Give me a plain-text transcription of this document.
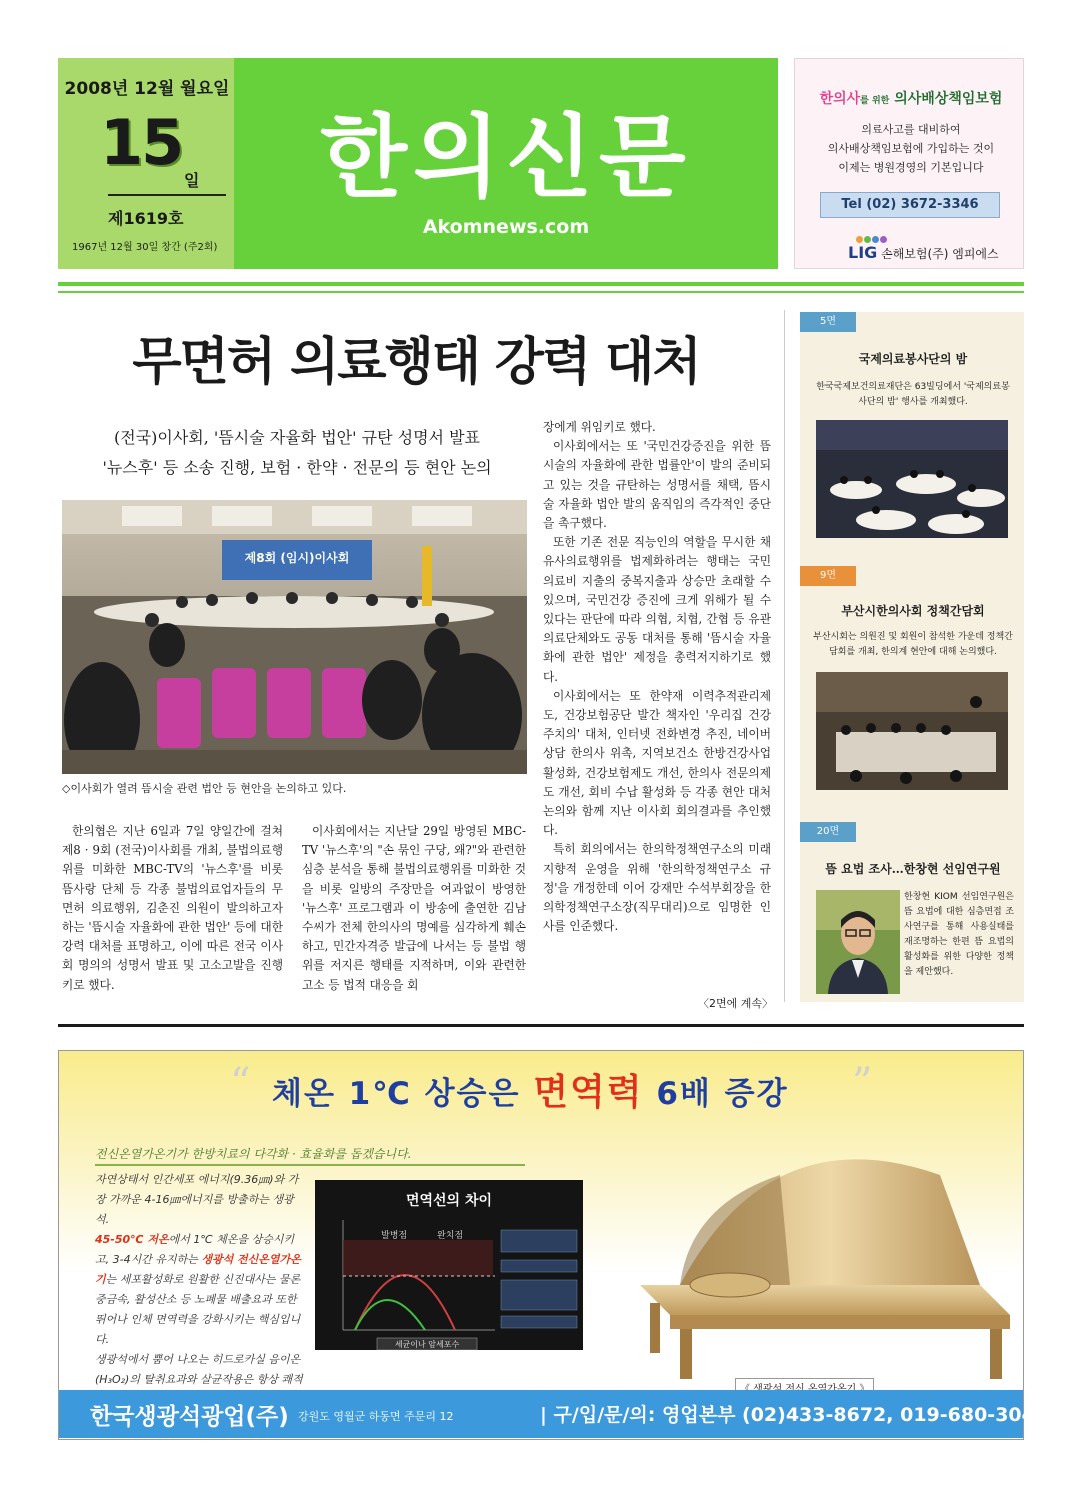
2008년 12월 월요일
15
일
제1619호
1967년 12월 30일 창간 (주2회)
한의신문
Akomnews.com
한의사를 위한 의사배상책임보험
의료사고를 대비하여
의사배상책임보험에 가입하는 것이
이제는 병원경영의 기본입니다
Tel (02) 3672-3346
LIG 손해보험(주) 엠피에스
무면허 의료행태 강력 대처
(전국)이사회, '뜸시술 자율화 법안' 규탄 성명서 발표
'뉴스후' 등 소송 진행, 보험 · 한약 · 전문의 등 현안 논의
제8회 (임시)이사회
◇이사회가 열려 뜸시술 관련 법안 등 현안을 논의하고 있다.
한의협은 지난 6일과 7일 양일간에 걸쳐 제8 · 9회 (전국)이사회를 개최, 불법의료행위를 미화한 MBC-TV의 '뉴스후'를 비롯 뜸사랑 단체 등 각종 불법의료업자들의 무면허 의료행위, 김춘진 의원이 발의하고자 하는 '뜸시술 자율화에 관한 법안' 등에 대한 강력 대처를 표명하고, 이에 따른 전국 이사회 명의의 성명서 발표 및 고소고발을 진행키로 했다.
이사회에서는 지난달 29일 방영된 MBC-TV '뉴스후'의 "손 묶인 구당, 왜?"와 관련한 심층 분석을 통해 불법의료행위를 미화한 것을 비롯 일방의 주장만을 여과없이 방영한 '뉴스후' 프로그램과 이 방송에 출연한 김남수씨가 전체 한의사의 명예를 심각하게 훼손하고, 민간자격증 발급에 나서는 등 불법 행위를 저지른 행태를 지적하며, 이와 관련한 고소 등 법적 대응을 회
장에게 위임키로 했다.
이사회에서는 또 '국민건강증진을 위한 뜸시술의 자율화에 관한 법률안'이 발의 준비되고 있는 것을 규탄하는 성명서를 채택, 뜸시술 자율화 법안 발의 움직임의 즉각적인 중단을 촉구했다.
또한 기존 전문 직능인의 역할을 무시한 채 유사의료행위를 법제화하려는 행태는 국민 의료비 지출의 중복지출과 상승만 초래할 수 있으며, 국민건강 증진에 크게 위해가 될 수 있다는 판단에 따라 의협, 치협, 간협 등 유관 의료단체와도 공동 대처를 통해 '뜸시술 자율화에 관한 법안' 제정을 총력저지하기로 했다.
이사회에서는 또 한약재 이력추적관리제도, 건강보험공단 발간 책자인 '우리집 건강주치의' 대처, 인터넷 전화변경 추진, 네이버 상담 한의사 위촉, 지역보건소 한방건강사업 활성화, 건강보험제도 개선, 한의사 전문의제도 개선, 회비 수납 활성화 등 각종 현안 대처 논의와 함께 지난 이사회 회의결과를 추인했다.
특히 회의에서는 한의학정책연구소의 미래 지향적 운영을 위해 '한의학정책연구소 규정'을 개정한데 이어 강재만 수석부회장을 한의학정책연구소장(직무대리)으로 임명한 인사를 인준했다.
〈2면에 계속〉
5면
국제의료봉사단의 밤
한국국제보건의료재단은 63빌딩에서 '국제의료봉사단의 밤' 행사를 개최했다.
9면
부산시한의사회 정책간담회
부산시회는 의원진 및 회원이 참석한 가운데 정책간담회를 개최, 한의계 현안에 대해 논의했다.
20면
뜸 요법 조사…한창현 선임연구원
한창현 KIOM 선임연구원은 뜸 요법에 대한 심층면접 조사연구를 통해 사용실태를 재조명하는 한편 뜸 요법의 활성화를 위한 다양한 정책을 제안했다.
“	”
체온 1℃ 상승은 면역력 6배 증강
전신온열가온기가 한방치료의 다각화 · 효율화를 돕겠습니다.
자연상태서 인간세포 에너지(9.36㎛)와 가장 가까운 4-16㎛에너지를 방출하는 생광석.
45-50℃ 저온에서 1℃ 체온을 상승시키고, 3-4시간 유지하는 생광석 전신온열가온기는 세포활성화로 원활한 신진대사는 물론 중금속, 활성산소 등 노폐물 배출요과 또한 뛰어나 인체 면역력을 강화시키는 핵심입니다.
생광석에서 뿜어 나오는 히드로카실 음이온(H₃O₂)의 탈취요과와 살균작용은 항상 쾌적
발병점	완치점
세균이나 암세포수
면역선의 차이
한국생광석광업(주) 강원도 영월군 하동면 주문리 12	| 구/입/문/의: 영업본부 (02)433-8672, 019-680-3044
